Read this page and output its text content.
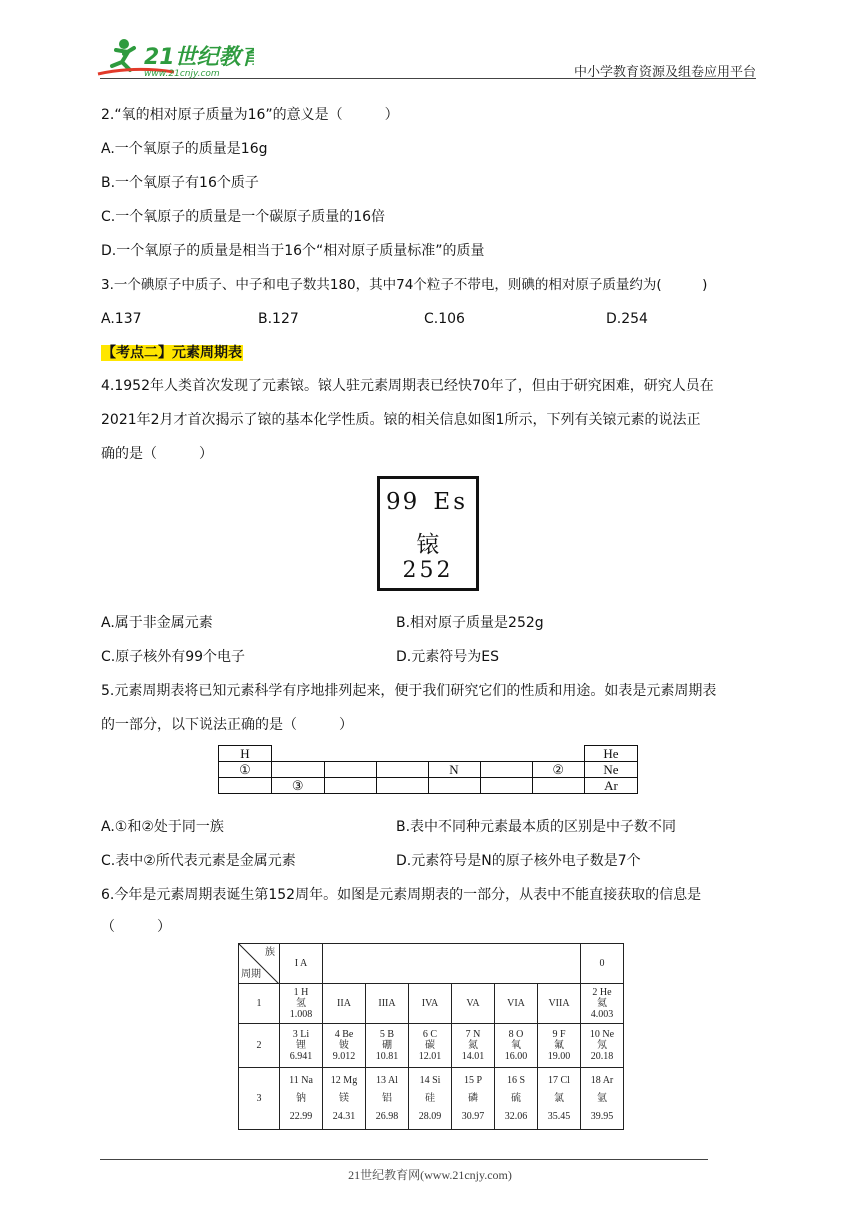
21世纪教育
www.21cnjy.com	中小学教育资源及组卷应用平台
2.“氧的相对原子质量为16”的意义是（　　　）
A.一个氧原子的质量是16g
B.一个氧原子有16个质子
C.一个氧原子的质量是一个碳原子质量的16倍
D.一个氧原子的质量是相当于16个“相对原子质量标准”的质量
3.一个碘原子中质子、中子和电子数共180，其中74个粒子不带电，则碘的相对原子质量约为(　　　)
A.137	B.127	C.106	D.254
【考点二】元素周期表
4.1952年人类首次发现了元素锿。锿人驻元素周期表已经快70年了，但由于研究困难，研究人员在
2021年2月才首次揭示了锿的基本化学性质。锿的相关信息如图1所示，下列有关锿元素的说法正
确的是（　　　）
99 Es
锿
252
A.属于非金属元素	B.相对原子质量是252g
C.原子核外有99个电子	D.元素符号为ES
5.元素周期表将已知元素科学有序地排列起来，便于我们研究它们的性质和用途。如表是元素周期表
的一部分，以下说法正确的是（　　　）
H							He
①				N		②	Ne
	③						Ar
A.①和②处于同一族	B.表中不同种元素最本质的区别是中子数不同
C.表中②所代表元素是金属元素	D.元素符号是N的原子核外电子数是7个
6.今年是元素周期表诞生第152周年。如图是元素周期表的一部分，从表中不能直接获取的信息是
（　　　）
族
周期	I A							0
1	1 H
氢
1.008	IIA	IIIA	IVA	VA	VIA	VIIA	2 He
氦
4.003

2	3 Li
锂
6.941	4 Be
铍
9.012	5 B
硼
10.81	6 C
碳
12.01	7 N
氮
14.01	8 O
氧
16.00	9 F
氟
19.00	10 Ne
氖
20.18

3	11 Na
钠
22.99	12 Mg
镁
24.31	13 Al
铝
26.98	14 Si
硅
28.09	15 P
磷
30.97	16 S
硫
32.06	17 Cl
氯
35.45	18 Ar
氩
39.95
21世纪教育网(www.21cnjy.com)
